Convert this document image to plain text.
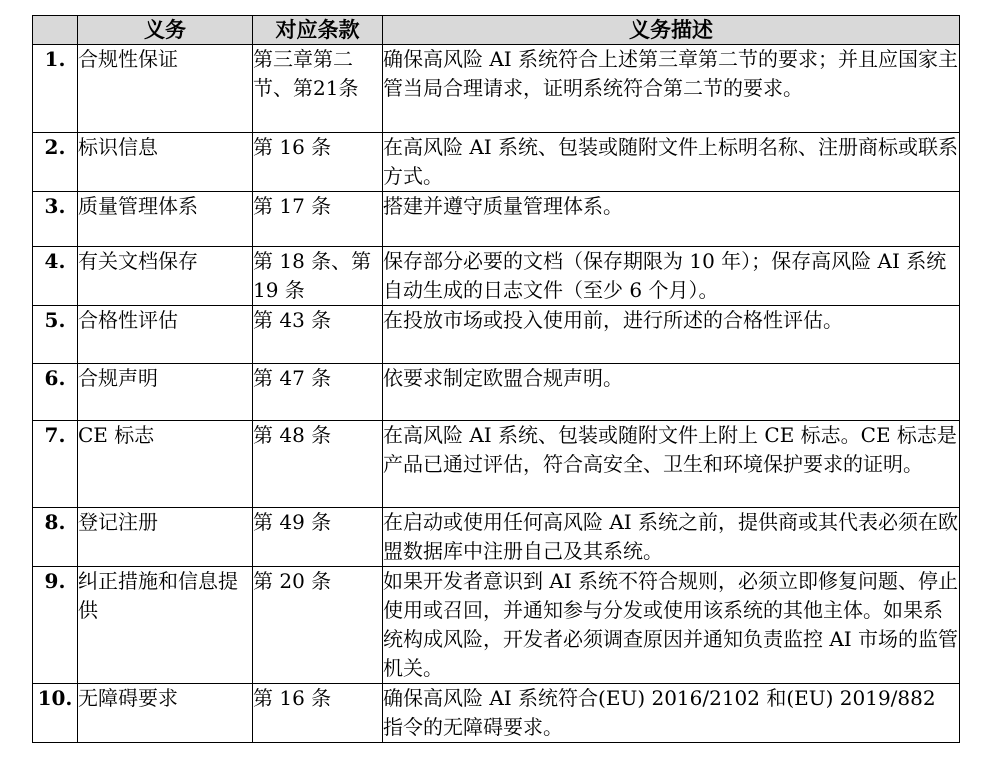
	义务	对应条款	义务描述
1.	合规性保证	第三章第二节、第21条	确保高风险 AI 系统符合上述第三章第二节的要求；并且应国家主管当局合理请求，证明系统符合第二节的要求。
2.	标识信息	第 16 条	在高风险 AI 系统、包装或随附文件上标明名称、注册商标或联系方式。
3.	质量管理体系	第 17 条	搭建并遵守质量管理体系。
4.	有关文档保存	第 18 条、第 19 条	保存部分必要的文档（保存期限为 10 年）；保存高风险 AI 系统自动生成的日志文件（至少 6 个月）。
5.	合格性评估	第 43 条	在投放市场或投入使用前，进行所述的合格性评估。
6.	合规声明	第 47 条	依要求制定欧盟合规声明。
7.	CE 标志	第 48 条	在高风险 AI 系统、包装或随附文件上附上 CE 标志。CE 标志是产品已通过评估，符合高安全、卫生和环境保护要求的证明。
8.	登记注册	第 49 条	在启动或使用任何高风险 AI 系统之前，提供商或其代表必须在欧盟数据库中注册自己及其系统。
9.	纠正措施和信息提供	第 20 条	如果开发者意识到 AI 系统不符合规则，必须立即修复问题、停止使用或召回，并通知参与分发或使用该系统的其他主体。如果系统构成风险，开发者必须调查原因并通知负责监控 AI 市场的监管机关。
10.	无障碍要求	第 16 条	确保高风险 AI 系统符合(EU) 2016/2102 和(EU) 2019/882 指令的无障碍要求。
